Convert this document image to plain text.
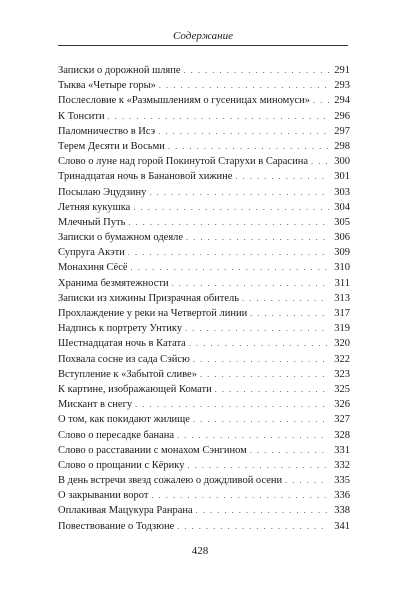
Содержание
Записки о дорожной шляпе . . .	291
Тыква «Четыре горы» . . .	293
Послесловие к «Размышлениям о гусеницах миномуси» . . . 294
К Тонсити . . .	296
Паломничество в Исэ . . .	297
Терем Десяти и Восьми . . .	298
Слово о луне над горой Покинутой Старухи в Сарасина . . .	300
Тринадцатая ночь в Банановой хижине . . .	301
Посылаю Эцудзину . . .	303
Летняя кукушка . . .	304
Млечный Путь . . .	305
Записки о бумажном одеяле . . .	306
Супруга Акэти . . .	309
Монахиня Сёсё . . .	310
Хранима безмятежности . . .	311
Записки из хижины Призрачная обитель . . .	313
Прохлаждение у реки на Четвертой линии . . .	317
Надпись к портрету Унтику . . .	319
Шестнадцатая ночь в Катата . . .	320
Похвала сосне из сада Сэйсю . . .	322
Вступление к «Забытой сливе» . . .	323
К картине, изображающей Комати . . .	325
Мискант в снегу . . .	326
О том, как покидают жилище . . .	327
Слово о пересадке банана . . .	328
Слово о расставании с монахом Сэнгином . . .	331
Слово о прощании с Кёрику . . .	332
В день встречи звезд сожалею о дождливой осени . . .	335
О закрывании ворот . . .	336
Оплакивая Мацукура Ранрана . . .	338
Повествование о Тодзюне . . .	341
428
